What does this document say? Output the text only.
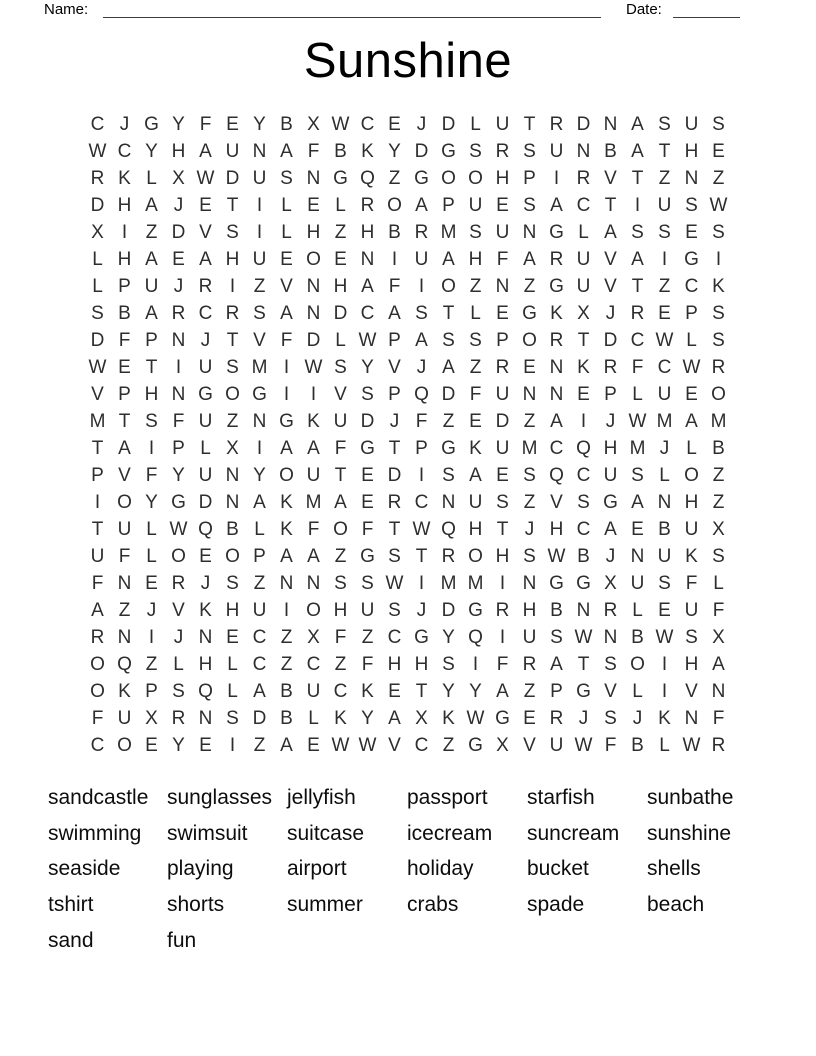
Name:	Date:
Sunshine
C J G Y F E Y B X W C E J D L U T R D N A S U S
W C Y H A U N A F B K Y D G S R S U N B A T H E
R K L X W D U S N G Q Z G O O H P I R V T Z N Z
D H A J E T I	L E L R O A P U E S A C T I U S W
X I Z D V S I	L H Z H B R M S U N G L A S S E S
L H A E A H U E O E N I U A H F A R U V A I G I
L P U J R I Z V N H A F I O Z N Z G U V T Z C K
S B A R C R S A N D C A S T L E G K X J R E P S
D F P N J T V F D L W P A S S P O R T D C W L S
W E T I U S M I W S Y V J A Z R E N K R F C W R
V P H N G O G I	I V S P Q D F U N N E P L U E O
M T S F U Z N G K U D J F Z E D Z A I	J W M A M
T A I P L X I A A F G T P G K U M C Q H M J L B
P V F Y U N Y O U T E D I S A E S Q C U S L O Z
I O Y G D N A K M A E R C N U S Z V S G A N H Z
T U L W Q B L K F O F T W Q H T J H C A E B U X
U F L O E O P A A Z G S T R O H S W B J N U K S
F N E R J S Z N N S S W I M M I N G G X U S F L
A Z J V K H U I O H U S J D G R H B N R L E U F
R N I	J N E C Z X F Z C G Y Q I U S W N B W S X
O Q Z L H L C Z C Z F H H S I F R A T S O I H A
O K P S Q L A B U C K E T Y Y A Z P G V L	I V N
F U X R N S D B L K Y A X K W G E R J S J K N F
C O E Y E I Z A E W W V C Z G X V U W F B L W R
sandcastle sunglasses jellyfish	passport	starfish	sunbathe
swimming	swimsuit	suitcase	icecream	suncream	sunshine
seaside	playing	airport	holiday	bucket	shells
tshirt	shorts	summer	crabs	spade	beach
sand	fun
